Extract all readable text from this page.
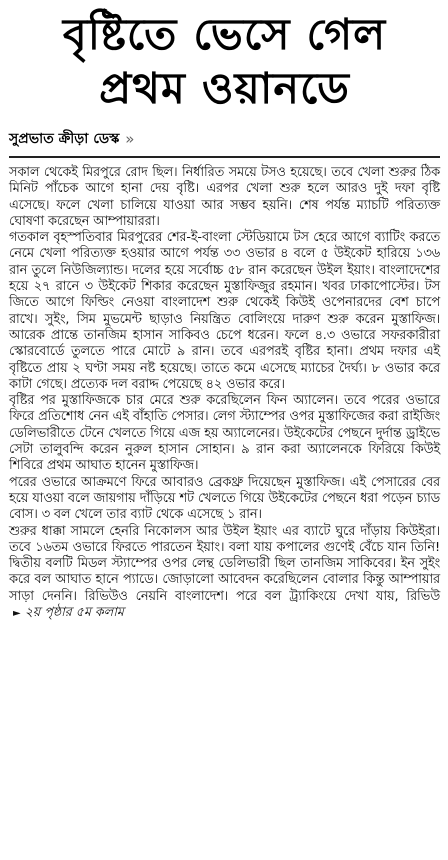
বৃষ্টিতে ভেসে গেল
প্রথম ওয়ানডে
সুপ্রভাত ক্রীড়া ডেস্ক »

সকাল থেকেই মিরপুরে রোদ ছিল। নির্ধারিত সময়ে টসও হয়েছে। তবে খেলা শুরুর ঠিক মিনিট পাঁচেক আগে হানা দেয় বৃষ্টি। এরপর খেলা শুরু হলে আরও দুই দফা বৃষ্টি এসেছে। ফলে খেলা চালিয়ে যাওয়া আর সম্ভব হয়নি। শেষ পর্যন্ত ম্যাচটি পরিত্যক্ত ঘোষণা করেছেন আম্পায়াররা।

গতকাল বৃহস্পতিবার মিরপুরের শের-ই-বাংলা স্টেডিয়ামে টস হেরে আগে ব্যাটিং করতে নেমে খেলা পরিত্যক্ত হওয়ার আগে পর্যন্ত ৩৩ ওভার ৪ বলে ৫ উইকেট হারিয়ে ১৩৬ রান তুলে নিউজিল্যান্ড। দলের হয়ে সর্বোচ্চ ৫৮ রান করেছেন উইল ইয়াং। বাংলাদেশের হয়ে ২৭ রানে ৩ উইকেট শিকার করেছেন মুস্তাফিজুর রহমান। খবর ঢাকাপোস্টের। টস জিতে আগে ফিল্ডিং নেওয়া বাংলাদেশ শুরু থেকেই কিউই ওপেনারদের বেশ চাপে রাখে। সুইং, সিম মুভমেন্ট ছাড়াও নিয়ন্ত্রিত বোলিংয়ে দারুণ শুরু করেন মুস্তাফিজ। আরেক প্রান্তে তানজিম হাসান সাকিবও চেপে ধরেন। ফলে ৪.৩ ওভারে সফরকারীরা স্কোরবোর্ডে তুলতে পারে মোটে ৯ রান। তবে এরপরই বৃষ্টির হানা। প্রথম দফার এই বৃষ্টিতে প্রায় ২ ঘণ্টা সময় নষ্ট হয়েছে। তাতে কমে এসেছে ম্যাচের দৈর্ঘ্য। ৮ ওভার করে কাটা গেছে। প্রত্যেক দল বরাদ্দ পেয়েছে ৪২ ওভার করে।

বৃষ্টির পর মুস্তাফিজকে চার মেরে শুরু করেছিলেন ফিন অ্যালেন। তবে পরের ওভারে ফিরে প্রতিশোধ নেন এই বাঁহাতি পেসার। লেগ স্ট্যাম্পের ওপর মুস্তাফিজের করা রাইজিং ডেলিভারীতে টেনে খেলতে গিয়ে এজ হয় অ্যালেনের। উইকেটের পেছনে দুর্দান্ত ড্রাইভে সেটা তালুবন্দি করেন নুরুল হাসান সোহান। ৯ রান করা অ্যালেনকে ফিরিয়ে কিউই শিবিরে প্রথম আঘাত হানেন মুস্তাফিজ।

পরের ওভারে আক্রমণে ফিরে আবারও ব্রেকথ্রু দিয়েছেন মুস্তাফিজ। এই পেসারের বের হয়ে যাওয়া বলে জায়গায় দাঁড়িয়ে শট খেলতে গিয়ে উইকেটের পেছনে ধরা পড়েন চ্যাড বোস। ৩ বল খেলে তার ব্যাট থেকে এসেছে ১ রান।

শুরুর ধাক্কা সামলে হেনরি নিকোলস আর উইল ইয়াং এর ব্যাটে ঘুরে দাঁড়ায় কিউইরা। তবে ১৬তম ওভারে ফিরতে পারতেন ইয়াং। বলা যায় কপালের গুণেই বেঁচে যান তিনি! দ্বিতীয় বলটি মিডল স্ট্যাম্পের ওপর লেন্থ ডেলিভারী ছিল তানজিম সাকিবের। ইন সুইং করে বল আঘাত হানে প্যাডে। জোড়ালো আবেদন করেছিলেন বোলার কিন্তু আম্পায়ার সাড়া দেননি। রিভিউও নেয়নি বাংলাদেশ। পরে বল ট্র্যাকিংয়ে দেখা যায়, রিভিউ ► ২য় পৃষ্ঠার ৫ম কলাম
